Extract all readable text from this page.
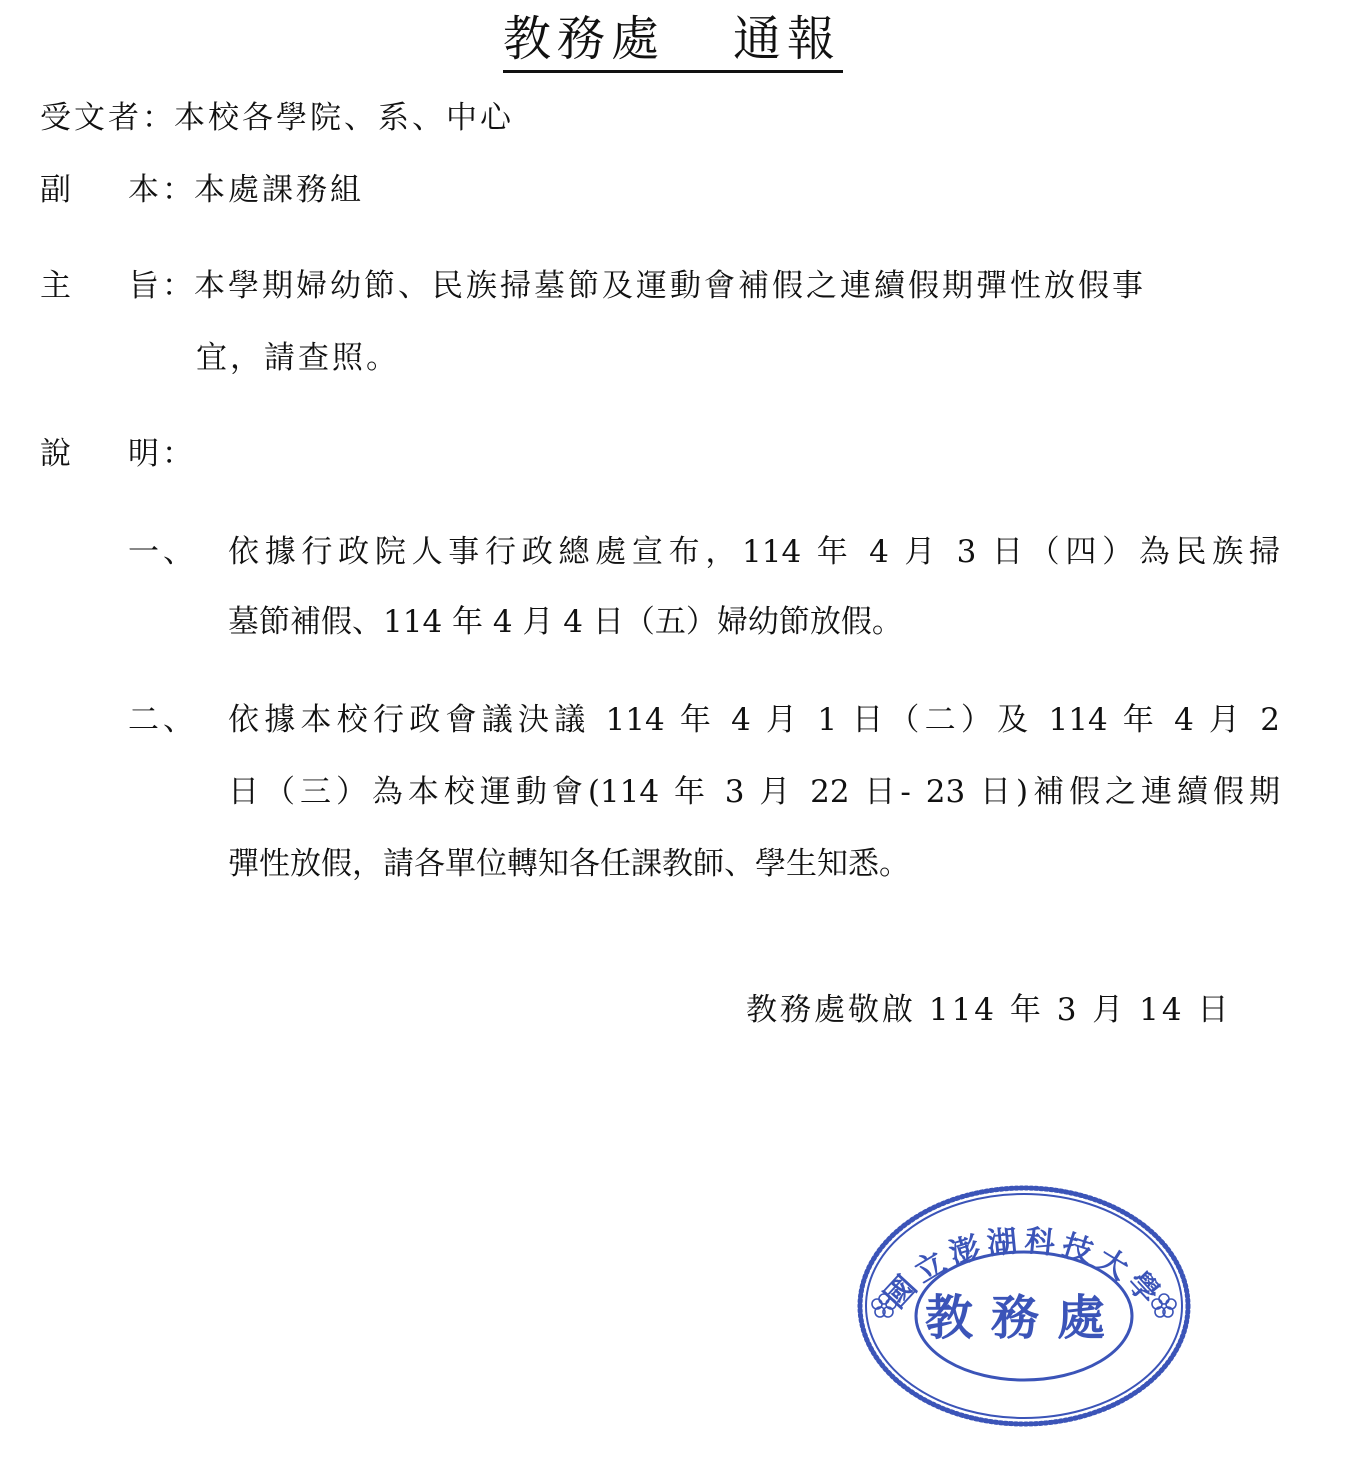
教務處 通報
受文者：本校各學院、系、中心
副 本 ：本處課務組
主 旨 ：本學期婦幼節、民族掃墓節及運動會補假之連續假期彈性放假事
宜，請查照。
說 明 ：
一、 依據行政院人事行政總處宣布，114 年 4 月 3 日（四）為民族掃
墓節補假、114 年 4 月 4 日（五）婦幼節放假。
二、 依據本校行政會議決議 114 年 4 月 1 日（二）及 114 年 4 月 2
日（三）為本校運動會(114 年 3 月 22 日- 23 日)補假之連續假期
彈性放假，請各單位轉知各任課教師、學生知悉。
教務處敬啟 114 年 3 月 14 日
國立澎湖科技大學
教務處
